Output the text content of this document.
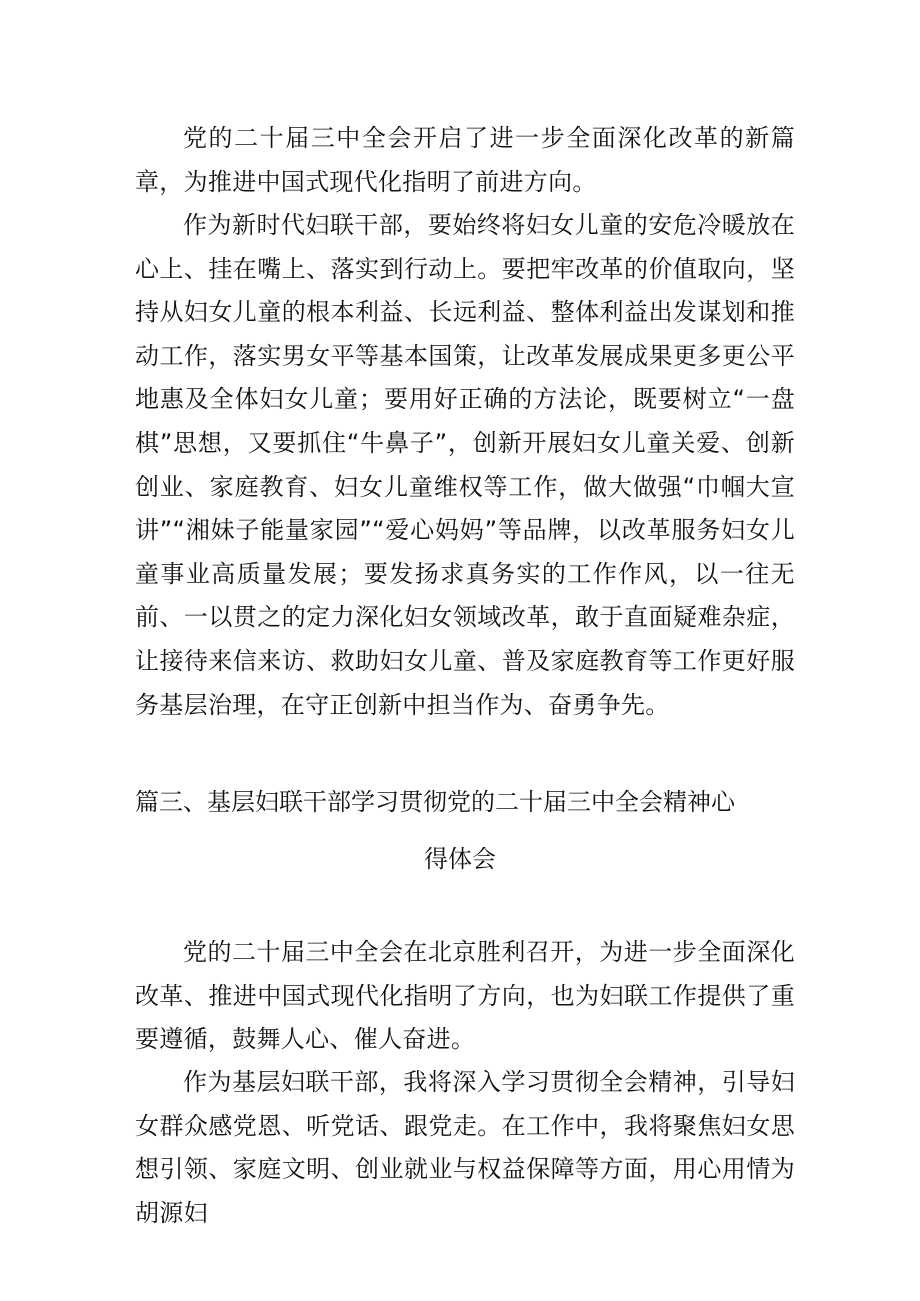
党的二十届三中全会开启了进一步全面深化改革的新篇章，为推进中国式现代化指明了前进方向。

作为新时代妇联干部，要始终将妇女儿童的安危冷暖放在心上、挂在嘴上、落实到行动上。要把牢改革的价值取向，坚持从妇女儿童的根本利益、长远利益、整体利益出发谋划和推动工作，落实男女平等基本国策，让改革发展成果更多更公平地惠及全体妇女儿童；要用好正确的方法论，既要树立“一盘棋”思想，又要抓住“牛鼻子”，创新开展妇女儿童关爱、创新创业、家庭教育、妇女儿童维权等工作，做大做强“巾帼大宣讲”“湘妹子能量家园”“爱心妈妈”等品牌，以改革服务妇女儿童事业高质量发展；要发扬求真务实的工作作风，以一往无前、一以贯之的定力深化妇女领域改革，敢于直面疑难杂症，让接待来信来访、救助妇女儿童、普及家庭教育等工作更好服务基层治理，在守正创新中担当作为、奋勇争先。

篇三、基层妇联干部学习贯彻党的二十届三中全会精神心

得体会

党的二十届三中全会在北京胜利召开，为进一步全面深化改革、推进中国式现代化指明了方向，也为妇联工作提供了重要遵循，鼓舞人心、催人奋进。

作为基层妇联干部，我将深入学习贯彻全会精神，引导妇女群众感党恩、听党话、跟党走。在工作中，我将聚焦妇女思想引领、家庭文明、创业就业与权益保障等方面，用心用情为胡源妇
